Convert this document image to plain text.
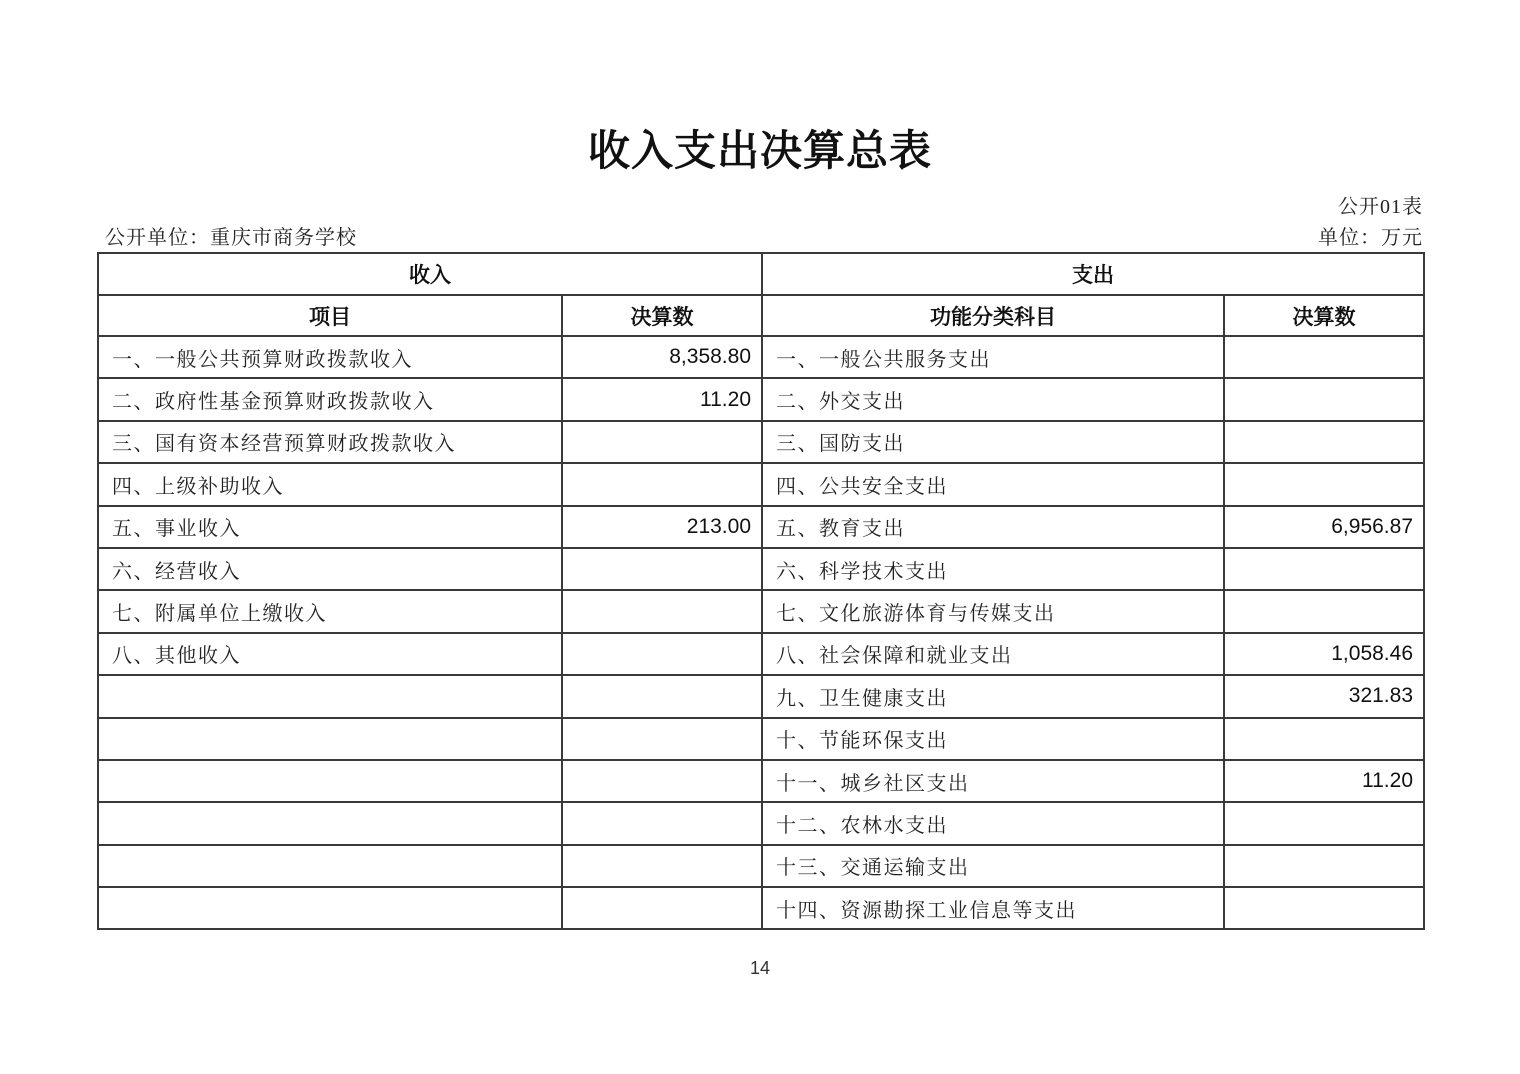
收入支出决算总表
公开01表
公开单位：重庆市商务学校	单位：万元
收入		支出	
项目	决算数	功能分类科目	决算数
一、一般公共预算财政拨款收入	8,358.80	一、一般公共服务支出	
二、政府性基金预算财政拨款收入	11.20	二、外交支出	
三、国有资本经营预算财政拨款收入		三、国防支出	
四、上级补助收入		四、公共安全支出	
五、事业收入	213.00	五、教育支出	6,956.87
六、经营收入		六、科学技术支出	
七、附属单位上缴收入		七、文化旅游体育与传媒支出	
八、其他收入		八、社会保障和就业支出	1,058.46
		九、卫生健康支出	321.83
		十、节能环保支出	
		十一、城乡社区支出	11.20
		十二、农林水支出	
		十三、交通运输支出	
		十四、资源勘探工业信息等支出	
14
